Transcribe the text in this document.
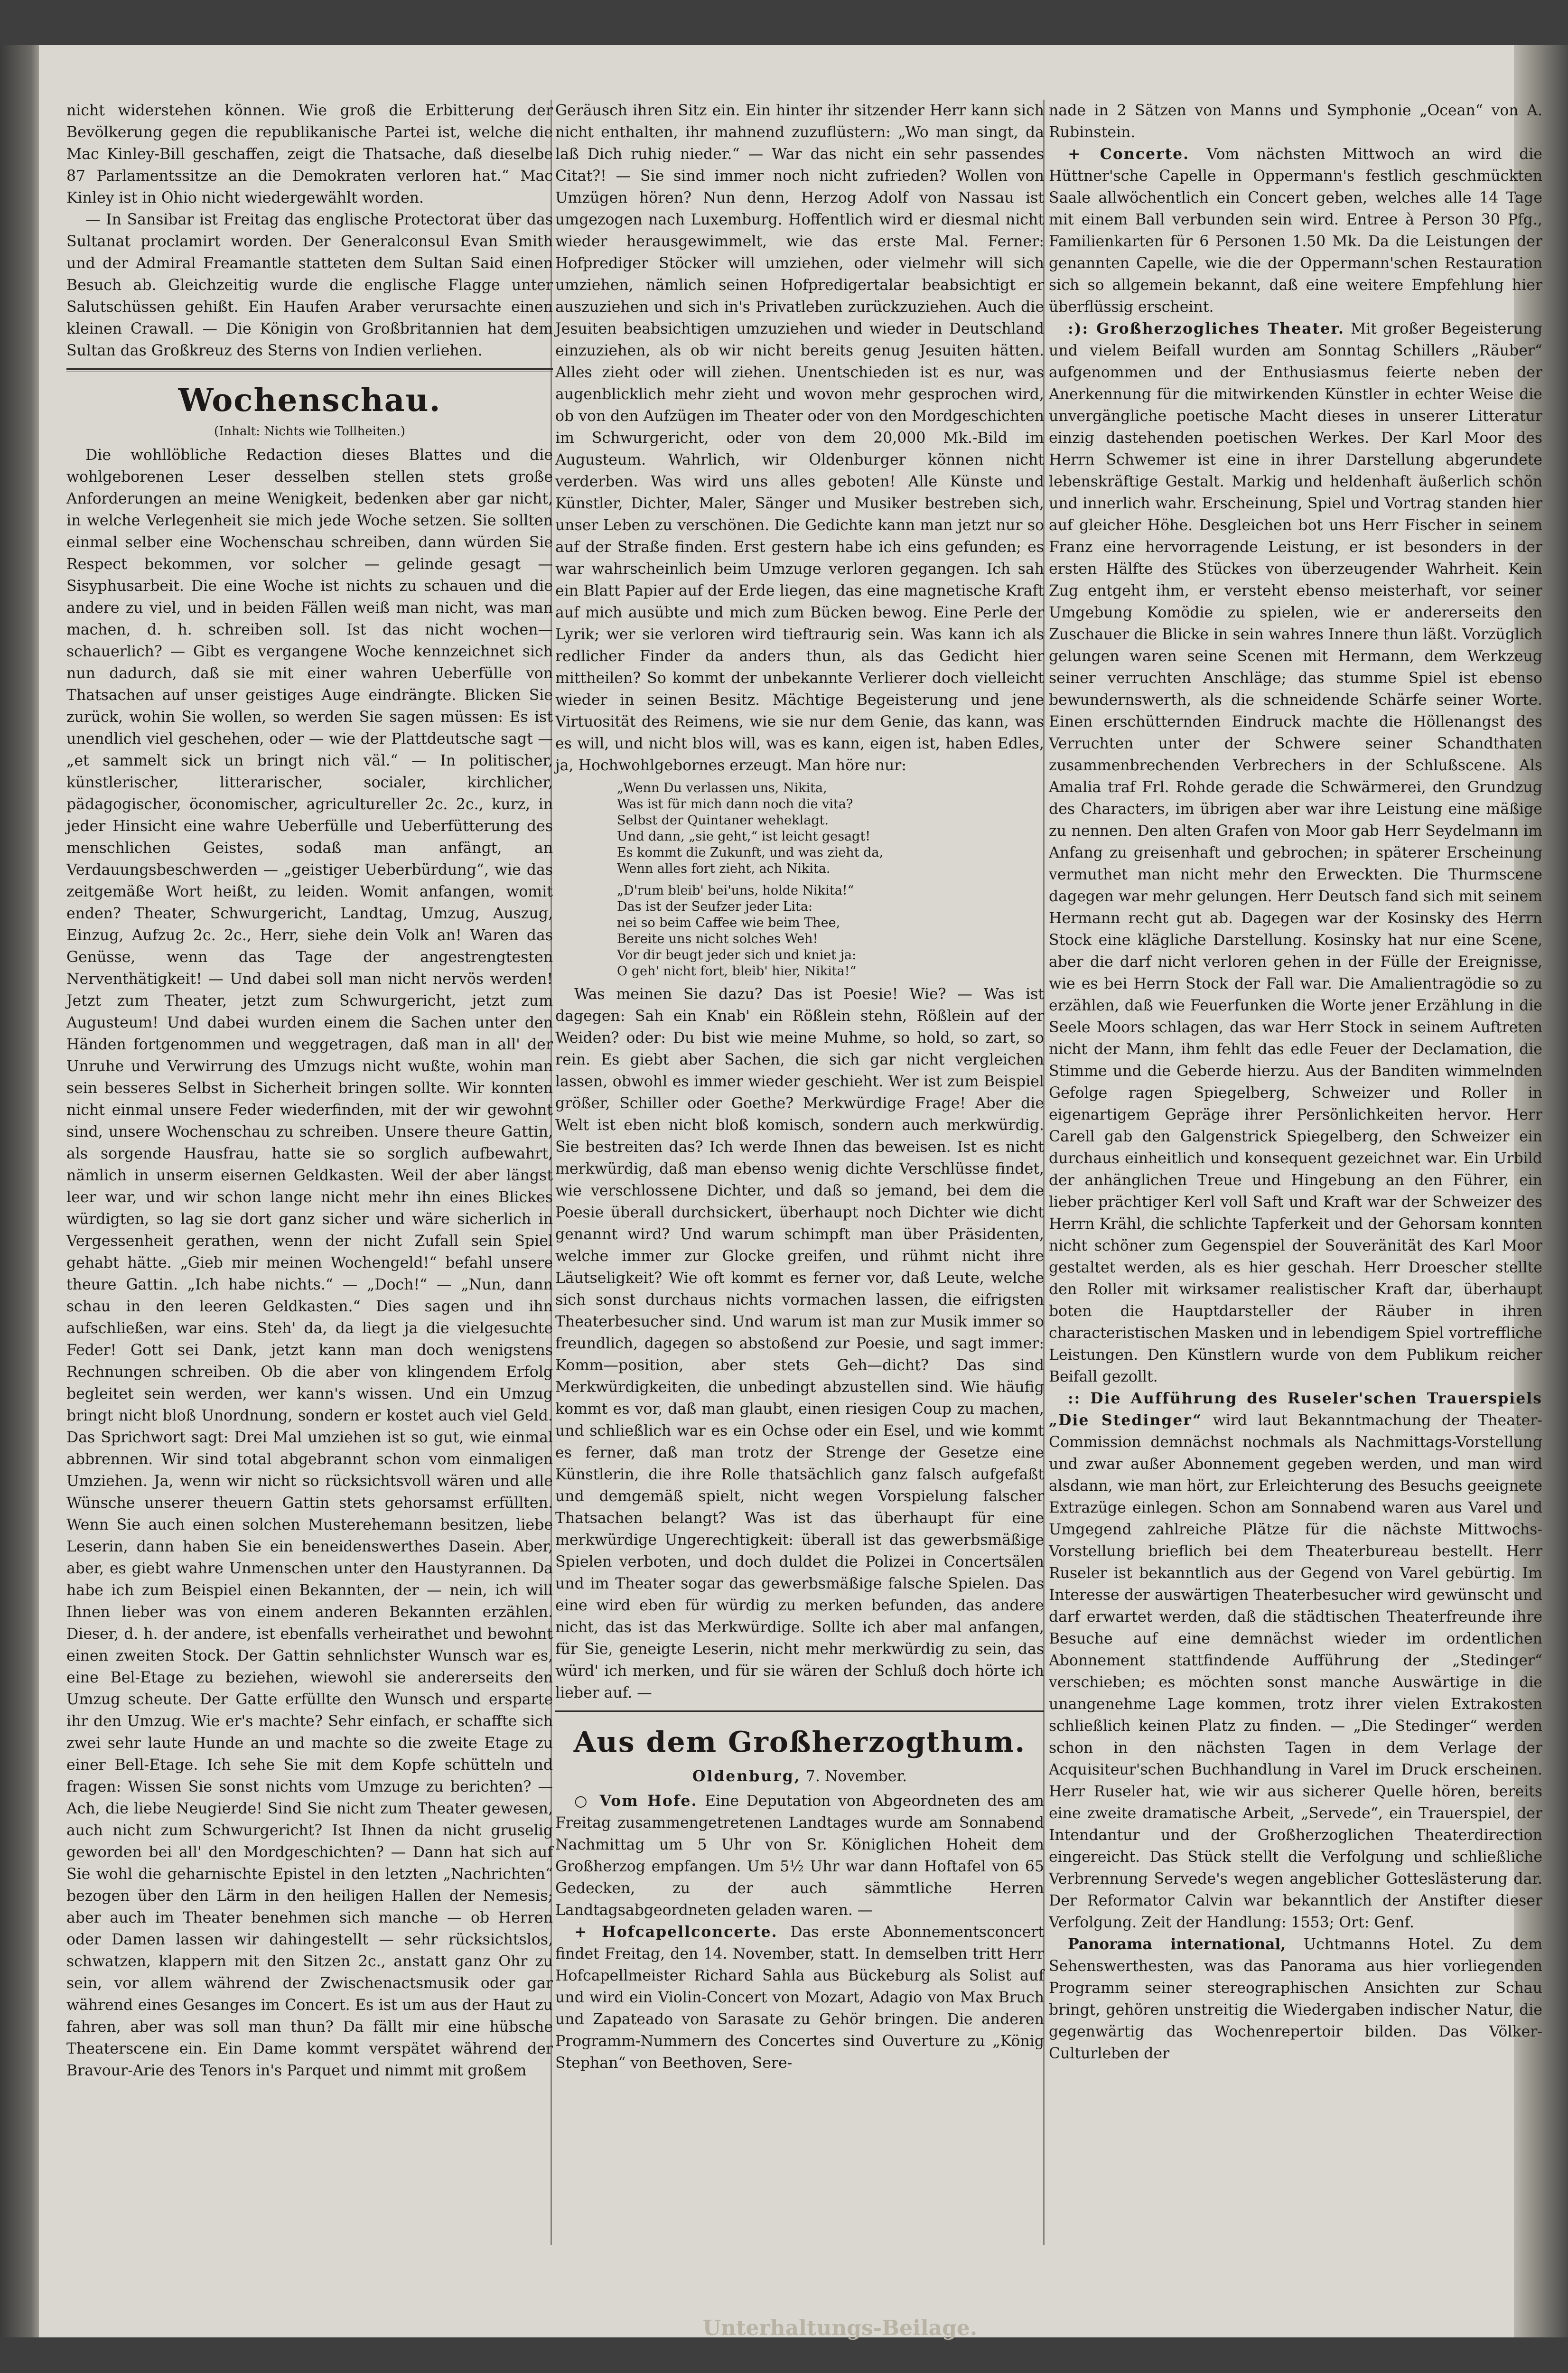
nicht widerstehen können. Wie groß die Erbitterung der Bevölkerung gegen die republikanische Partei ist, welche die Mac Kinley-Bill geschaffen, zeigt die Thatsache, daß dieselbe 87 Parlamentssitze an die Demokraten verloren hat.“ Mac Kinley ist in Ohio nicht wiedergewählt worden.

— In Sansibar ist Freitag das englische Protectorat über das Sultanat proclamirt worden. Der Generalconsul Evan Smith und der Admiral Freamantle statteten dem Sultan Said einen Besuch ab. Gleichzeitig wurde die englische Flagge unter Salutschüssen gehißt. Ein Haufen Araber verursachte einen kleinen Crawall. — Die Königin von Großbritannien hat dem Sultan das Großkreuz des Sterns von Indien verliehen.

Wochenschau.
(Inhalt: Nichts wie Tollheiten.)

Die wohllöbliche Redaction dieses Blattes und die wohlgeborenen Leser desselben stellen stets große Anforderungen an meine Wenigkeit, bedenken aber gar nicht, in welche Verlegenheit sie mich jede Woche setzen. Sie sollten einmal selber eine Wochenschau schreiben, dann würden Sie Respect bekommen, vor solcher — gelinde gesagt — Sisyphusarbeit. Die eine Woche ist nichts zu schauen und die andere zu viel, und in beiden Fällen weiß man nicht, was man machen, d. h. schreiben soll. Ist das nicht wochen—schauerlich? — Gibt es vergangene Woche kennzeichnet sich nun dadurch, daß sie mit einer wahren Ueberfülle von Thatsachen auf unser geistiges Auge eindrängte. Blicken Sie zurück, wohin Sie wollen, so werden Sie sagen müssen: Es ist unendlich viel geschehen, oder — wie der Plattdeutsche sagt — „et sammelt sick un bringt nich väl.“ — In politischer, künstlerischer, litterarischer, socialer, kirchlicher, pädagogischer, öconomischer, agricultureller 2c. 2c., kurz, in jeder Hinsicht eine wahre Ueberfülle und Ueberfütterung des menschlichen Geistes, sodaß man anfängt, an Verdauungsbeschwerden — „geistiger Ueberbürdung“, wie das zeitgemäße Wort heißt, zu leiden. Womit anfangen, womit enden? Theater, Schwurgericht, Landtag, Umzug, Auszug, Einzug, Aufzug 2c. 2c., Herr, siehe dein Volk an! Waren das Genüsse, wenn das Tage der angestrengtesten Nerventhätigkeit! — Und dabei soll man nicht nervös werden! Jetzt zum Theater, jetzt zum Schwurgericht, jetzt zum Augusteum! Und dabei wurden einem die Sachen unter den Händen fortgenommen und weggetragen, daß man in all' der Unruhe und Verwirrung des Umzugs nicht wußte, wohin man sein besseres Selbst in Sicherheit bringen sollte. Wir konnten nicht einmal unsere Feder wiederfinden, mit der wir gewohnt sind, unsere Wochenschau zu schreiben. Unsere theure Gattin, als sorgende Hausfrau, hatte sie so sorglich aufbewahrt, nämlich in unserm eisernen Geldkasten. Weil der aber längst leer war, und wir schon lange nicht mehr ihn eines Blickes würdigten, so lag sie dort ganz sicher und wäre sicherlich in Vergessenheit gerathen, wenn der nicht Zufall sein Spiel gehabt hätte. „Gieb mir meinen Wochengeld!“ befahl unsere theure Gattin. „Ich habe nichts.“ — „Doch!“ — „Nun, dann schau in den leeren Geldkasten.“ Dies sagen und ihn aufschließen, war eins. Steh' da, da liegt ja die vielgesuchte Feder! Gott sei Dank, jetzt kann man doch wenigstens Rechnungen schreiben. Ob die aber von klingendem Erfolg begleitet sein werden, wer kann's wissen. Und ein Umzug bringt nicht bloß Unordnung, sondern er kostet auch viel Geld. Das Sprichwort sagt: Drei Mal umziehen ist so gut, wie einmal abbrennen. Wir sind total abgebrannt schon vom einmaligen Umziehen. Ja, wenn wir nicht so rücksichtsvoll wären und alle Wünsche unserer theuern Gattin stets gehorsamst erfüllten. Wenn Sie auch einen solchen Musterehemann besitzen, liebe Leserin, dann haben Sie ein beneidenswerthes Dasein. Aber, aber, es giebt wahre Unmenschen unter den Haustyrannen. Da habe ich zum Beispiel einen Bekannten, der — nein, ich will Ihnen lieber was von einem anderen Bekannten erzählen. Dieser, d. h. der andere, ist ebenfalls verheirathet und bewohnt einen zweiten Stock. Der Gattin sehnlichster Wunsch war es, eine Bel-Etage zu beziehen, wiewohl sie andererseits den Umzug scheute. Der Gatte erfüllte den Wunsch und ersparte ihr den Umzug. Wie er's machte? Sehr einfach, er schaffte sich zwei sehr laute Hunde an und machte so die zweite Etage zu einer Bell-Etage. Ich sehe Sie mit dem Kopfe schütteln und fragen: Wissen Sie sonst nichts vom Umzuge zu berichten? — Ach, die liebe Neugierde! Sind Sie nicht zum Theater gewesen, auch nicht zum Schwurgericht? Ist Ihnen da nicht gruselig geworden bei all' den Mordgeschichten? — Dann hat sich auf Sie wohl die geharnischte Epistel in den letzten „Nachrichten“ bezogen über den Lärm in den heiligen Hallen der Nemesis; aber auch im Theater benehmen sich manche — ob Herren oder Damen lassen wir dahingestellt — sehr rücksichtslos, schwatzen, klappern mit den Sitzen 2c., anstatt ganz Ohr zu sein, vor allem während der Zwischenactsmusik oder gar während eines Gesanges im Concert. Es ist um aus der Haut zu fahren, aber was soll man thun? Da fällt mir eine hübsche Theaterscene ein. Ein Dame kommt verspätet während der Bravour-Arie des Tenors in's Parquet und nimmt mit großem

Geräusch ihren Sitz ein. Ein hinter ihr sitzender Herr kann sich nicht enthalten, ihr mahnend zuzuflüstern: „Wo man singt, da laß Dich ruhig nieder.“ — War das nicht ein sehr passendes Citat?! — Sie sind immer noch nicht zufrieden? Wollen von Umzügen hören? Nun denn, Herzog Adolf von Nassau ist umgezogen nach Luxemburg. Hoffentlich wird er diesmal nicht wieder herausgewimmelt, wie das erste Mal. Ferner: Hofprediger Stöcker will umziehen, oder vielmehr will sich umziehen, nämlich seinen Hofpredigertalar beabsichtigt er auszuziehen und sich in's Privatleben zurückzuziehen. Auch die Jesuiten beabsichtigen umzuziehen und wieder in Deutschland einzuziehen, als ob wir nicht bereits genug Jesuiten hätten. Alles zieht oder will ziehen. Unentschieden ist es nur, was augenblicklich mehr zieht und wovon mehr gesprochen wird, ob von den Aufzügen im Theater oder von den Mordgeschichten im Schwurgericht, oder von dem 20,000 Mk.-Bild im Augusteum. Wahrlich, wir Oldenburger können nicht verderben. Was wird uns alles geboten! Alle Künste und Künstler, Dichter, Maler, Sänger und Musiker bestreben sich, unser Leben zu verschönen. Die Gedichte kann man jetzt nur so auf der Straße finden. Erst gestern habe ich eins gefunden; es war wahrscheinlich beim Umzuge verloren gegangen. Ich sah ein Blatt Papier auf der Erde liegen, das eine magnetische Kraft auf mich ausübte und mich zum Bücken bewog. Eine Perle der Lyrik; wer sie verloren wird tieftraurig sein. Was kann ich als redlicher Finder da anders thun, als das Gedicht hier mittheilen? So kommt der unbekannte Verlierer doch vielleicht wieder in seinen Besitz. Mächtige Begeisterung und jene Virtuosität des Reimens, wie sie nur dem Genie, das kann, was es will, und nicht blos will, was es kann, eigen ist, haben Edles, ja, Hochwohlgebornes erzeugt. Man höre nur:

„Wenn Du verlassen uns, Nikita,
Was ist für mich dann noch die vita?
Selbst der Quintaner weheklagt.
Und dann, „sie geht,“ ist leicht gesagt!
Es kommt die Zukunft, und was zieht da,
Wenn alles fort zieht, ach Nikita.
„D'rum bleib' bei'uns, holde Nikita!“
Das ist der Seufzer jeder Lita:
nei so beim Caffee wie beim Thee,
Bereite uns nicht solches Weh!
Vor dir beugt jeder sich und kniet ja:
O geh' nicht fort, bleib' hier, Nikita!“

Was meinen Sie dazu? Das ist Poesie! Wie? — Was ist dagegen: Sah ein Knab' ein Rößlein stehn, Rößlein auf der Weiden? oder: Du bist wie meine Muhme, so hold, so zart, so rein. Es giebt aber Sachen, die sich gar nicht vergleichen lassen, obwohl es immer wieder geschieht. Wer ist zum Beispiel größer, Schiller oder Goethe? Merkwürdige Frage! Aber die Welt ist eben nicht bloß komisch, sondern auch merkwürdig. Sie bestreiten das? Ich werde Ihnen das beweisen. Ist es nicht merkwürdig, daß man ebenso wenig dichte Verschlüsse findet, wie verschlossene Dichter, und daß so jemand, bei dem die Poesie überall durchsickert, überhaupt noch Dichter wie dicht genannt wird? Und warum schimpft man über Präsidenten, welche immer zur Glocke greifen, und rühmt nicht ihre Läutseligkeit? Wie oft kommt es ferner vor, daß Leute, welche sich sonst durchaus nichts vormachen lassen, die eifrigsten Theaterbesucher sind. Und warum ist man zur Musik immer so freundlich, dagegen so abstoßend zur Poesie, und sagt immer: Komm—position, aber stets Geh—dicht? Das sind Merkwürdigkeiten, die unbedingt abzustellen sind. Wie häufig kommt es vor, daß man glaubt, einen riesigen Coup zu machen, und schließlich war es ein Ochse oder ein Esel, und wie kommt es ferner, daß man trotz der Strenge der Gesetze eine Künstlerin, die ihre Rolle thatsächlich ganz falsch aufgefaßt und demgemäß spielt, nicht wegen Vorspielung falscher Thatsachen belangt? Was ist das überhaupt für eine merkwürdige Ungerechtigkeit: überall ist das gewerbsmäßige Spielen verboten, und doch duldet die Polizei in Concertsälen und im Theater sogar das gewerbsmäßige falsche Spielen. Das eine wird eben für würdig zu merken befunden, das andere nicht, das ist das Merkwürdige. Sollte ich aber mal anfangen, für Sie, geneigte Leserin, nicht mehr merkwürdig zu sein, das würd' ich merken, und für sie wären der Schluß doch hörte ich lieber auf. —

Aus dem Großherzogthum.
Oldenburg, 7. November.

○ Vom Hofe. Eine Deputation von Abgeordneten des am Freitag zusammengetretenen Landtages wurde am Sonnabend Nachmittag um 5 Uhr von Sr. Königlichen Hoheit dem Großherzog empfangen. Um 5½ Uhr war dann Hoftafel von 65 Gedecken, zu der auch sämmtliche Herren Landtagsabgeordneten geladen waren. —

+ Hofcapellconcerte. Das erste Abonnementsconcert findet Freitag, den 14. November, statt. In demselben tritt Herr Hofcapellmeister Richard Sahla aus Bückeburg als Solist auf und wird ein Violin-Concert von Mozart, Adagio von Max Bruch und Zapateado von Sarasate zu Gehör bringen. Die anderen Programm-Nummern des Concertes sind Ouverture zu „König Stephan“ von Beethoven, Sere-

nade in 2 Sätzen von Manns und Symphonie „Ocean“ von A. Rubinstein.

+ Concerte. Vom nächsten Mittwoch an wird die Hüttner'sche Capelle in Oppermann's festlich geschmückten Saale allwöchentlich ein Concert geben, welches alle 14 Tage mit einem Ball verbunden sein wird. Entree à Person 30 Pfg., Familienkarten für 6 Personen 1.50 Mk. Da die Leistungen der genannten Capelle, wie die der Oppermann'schen Restauration sich so allgemein bekannt, daß eine weitere Empfehlung hier überflüssig erscheint.

:): Großherzogliches Theater. Mit großer Begeisterung und vielem Beifall wurden am Sonntag Schillers „Räuber“ aufgenommen und der Enthusiasmus feierte neben der Anerkennung für die mitwirkenden Künstler in echter Weise die unvergängliche poetische Macht dieses in unserer Litteratur einzig dastehenden poetischen Werkes. Der Karl Moor des Herrn Schwemer ist eine in ihrer Darstellung abgerundete lebenskräftige Gestalt. Markig und heldenhaft äußerlich schön und innerlich wahr. Erscheinung, Spiel und Vortrag standen hier auf gleicher Höhe. Desgleichen bot uns Herr Fischer in seinem Franz eine hervorragende Leistung, er ist besonders in der ersten Hälfte des Stückes von überzeugender Wahrheit. Kein Zug entgeht ihm, er versteht ebenso meisterhaft, vor seiner Umgebung Komödie zu spielen, wie er andererseits den Zuschauer die Blicke in sein wahres Innere thun läßt. Vorzüglich gelungen waren seine Scenen mit Hermann, dem Werkzeug seiner verruchten Anschläge; das stumme Spiel ist ebenso bewundernswerth, als die schneidende Schärfe seiner Worte. Einen erschütternden Eindruck machte die Höllenangst des Verruchten unter der Schwere seiner Schandthaten zusammenbrechenden Verbrechers in der Schlußscene. Als Amalia traf Frl. Rohde gerade die Schwärmerei, den Grundzug des Characters, im übrigen aber war ihre Leistung eine mäßige zu nennen. Den alten Grafen von Moor gab Herr Seydelmann im Anfang zu greisenhaft und gebrochen; in späterer Erscheinung vermuthet man nicht mehr den Erweckten. Die Thurmscene dagegen war mehr gelungen. Herr Deutsch fand sich mit seinem Hermann recht gut ab. Dagegen war der Kosinsky des Herrn Stock eine klägliche Darstellung. Kosinsky hat nur eine Scene, aber die darf nicht verloren gehen in der Fülle der Ereignisse, wie es bei Herrn Stock der Fall war. Die Amalientragödie so zu erzählen, daß wie Feuerfunken die Worte jener Erzählung in die Seele Moors schlagen, das war Herr Stock in seinem Auftreten nicht der Mann, ihm fehlt das edle Feuer der Declamation, die Stimme und die Geberde hierzu. Aus der Banditen wimmelnden Gefolge ragen Spiegelberg, Schweizer und Roller in eigenartigem Gepräge ihrer Persönlichkeiten hervor. Herr Carell gab den Galgenstrick Spiegelberg, den Schweizer ein durchaus einheitlich und konsequent gezeichnet war. Ein Urbild der anhänglichen Treue und Hingebung an den Führer, ein lieber prächtiger Kerl voll Saft und Kraft war der Schweizer des Herrn Krähl, die schlichte Tapferkeit und der Gehorsam konnten nicht schöner zum Gegenspiel der Souveränität des Karl Moor gestaltet werden, als es hier geschah. Herr Droescher stellte den Roller mit wirksamer realistischer Kraft dar, überhaupt boten die Hauptdarsteller der Räuber in ihren characteristischen Masken und in lebendigem Spiel vortreffliche Leistungen. Den Künstlern wurde von dem Publikum reicher Beifall gezollt.

:: Die Aufführung des Ruseler'schen Trauerspiels „Die Stedinger“ wird laut Bekanntmachung der Theater-Commission demnächst nochmals als Nachmittags-Vorstellung und zwar außer Abonnement gegeben werden, und man wird alsdann, wie man hört, zur Erleichterung des Besuchs geeignete Extrazüge einlegen. Schon am Sonnabend waren aus Varel und Umgegend zahlreiche Plätze für die nächste Mittwochs-Vorstellung brieflich bei dem Theaterbureau bestellt. Herr Ruseler ist bekanntlich aus der Gegend von Varel gebürtig. Im Interesse der auswärtigen Theaterbesucher wird gewünscht und darf erwartet werden, daß die städtischen Theaterfreunde ihre Besuche auf eine demnächst wieder im ordentlichen Abonnement stattfindende Aufführung der „Stedinger“ verschieben; es möchten sonst manche Auswärtige in die unangenehme Lage kommen, trotz ihrer vielen Extrakosten schließlich keinen Platz zu finden. — „Die Stedinger“ werden schon in den nächsten Tagen in dem Verlage der Acquisiteur'schen Buchhandlung in Varel im Druck erscheinen. Herr Ruseler hat, wie wir aus sicherer Quelle hören, bereits eine zweite dramatische Arbeit, „Servede“, ein Trauerspiel, der Intendantur und der Großherzoglichen Theaterdirection eingereicht. Das Stück stellt die Verfolgung und schließliche Verbrennung Servede's wegen angeblicher Gotteslästerung dar. Der Reformator Calvin war bekanntlich der Anstifter dieser Verfolgung. Zeit der Handlung: 1553; Ort: Genf.

Panorama international, Uchtmanns Hotel. Zu dem Sehenswerthesten, was das Panorama aus hier vorliegenden Programm seiner stereographischen Ansichten zur Schau bringt, gehören unstreitig die Wiedergaben indischer Natur, die gegenwärtig das Wochenrepertoir bilden. Das Völker-Culturleben der

Unterhaltungs-Beilage.
